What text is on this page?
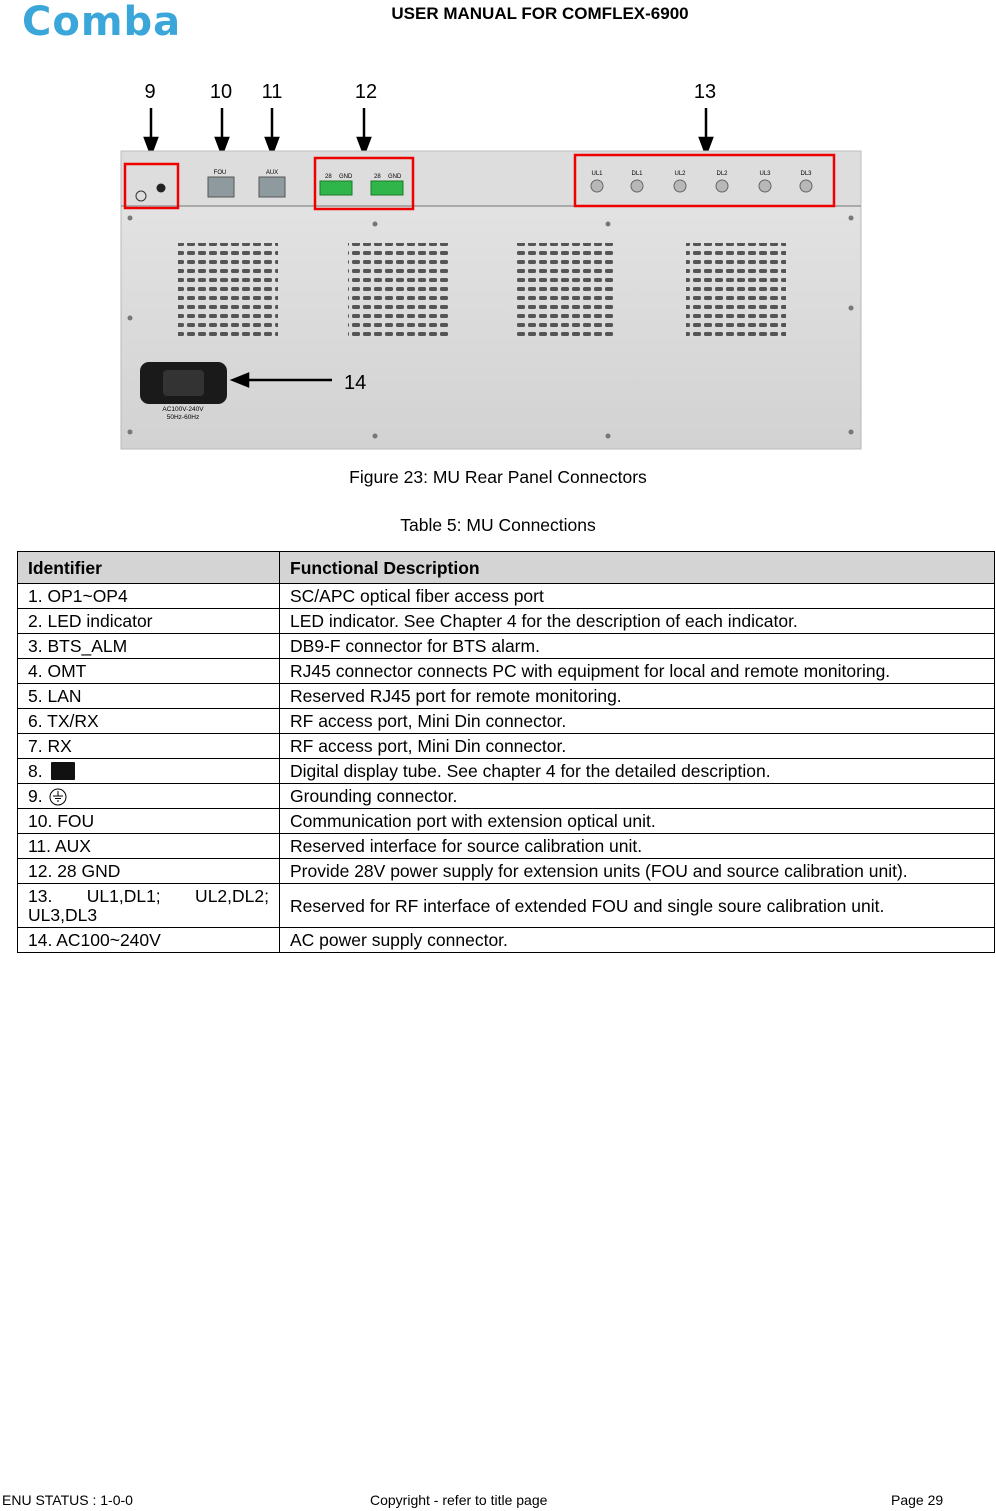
Comba	USER MANUAL FOR COMFLEX-6900
9	10 11	12	13
FOU	AUX
28 GND	28 GND	UL1	DL1	UL2	DL2	UL3	DL3
AC100V-240V
50Hz-60Hz
14
Figure 23: MU Rear Panel Connectors
Table 5: MU Connections
Identifier	Functional Description
1. OP1~OP4	SC/APC optical fiber access port
2. LED indicator	LED indicator. See Chapter 4 for the description of each indicator.
3. BTS_ALM	DB9-F connector for BTS alarm.
4. OMT	RJ45 connector connects PC with equipment for local and remote monitoring.
5. LAN	Reserved RJ45 port for remote monitoring.
6. TX/RX	RF access port, Mini Din connector.
7. RX	RF access port, Mini Din connector.
8.	Digital display tube. See chapter 4 for the detailed description.
9.	Grounding connector.
10. FOU	Communication port with extension optical unit.
11. AUX	Reserved interface for source calibration unit.
12. 28 GND	Provide 28V power supply for extension units (FOU and source calibration unit).
13. UL1,DL1; UL2,DL2; UL3,DL3	Reserved for RF interface of extended FOU and single soure calibration unit.
14. AC100~240V	AC power supply connector.
ENU STATUS : 1-0-0	Copyright - refer to title page	Page 29
